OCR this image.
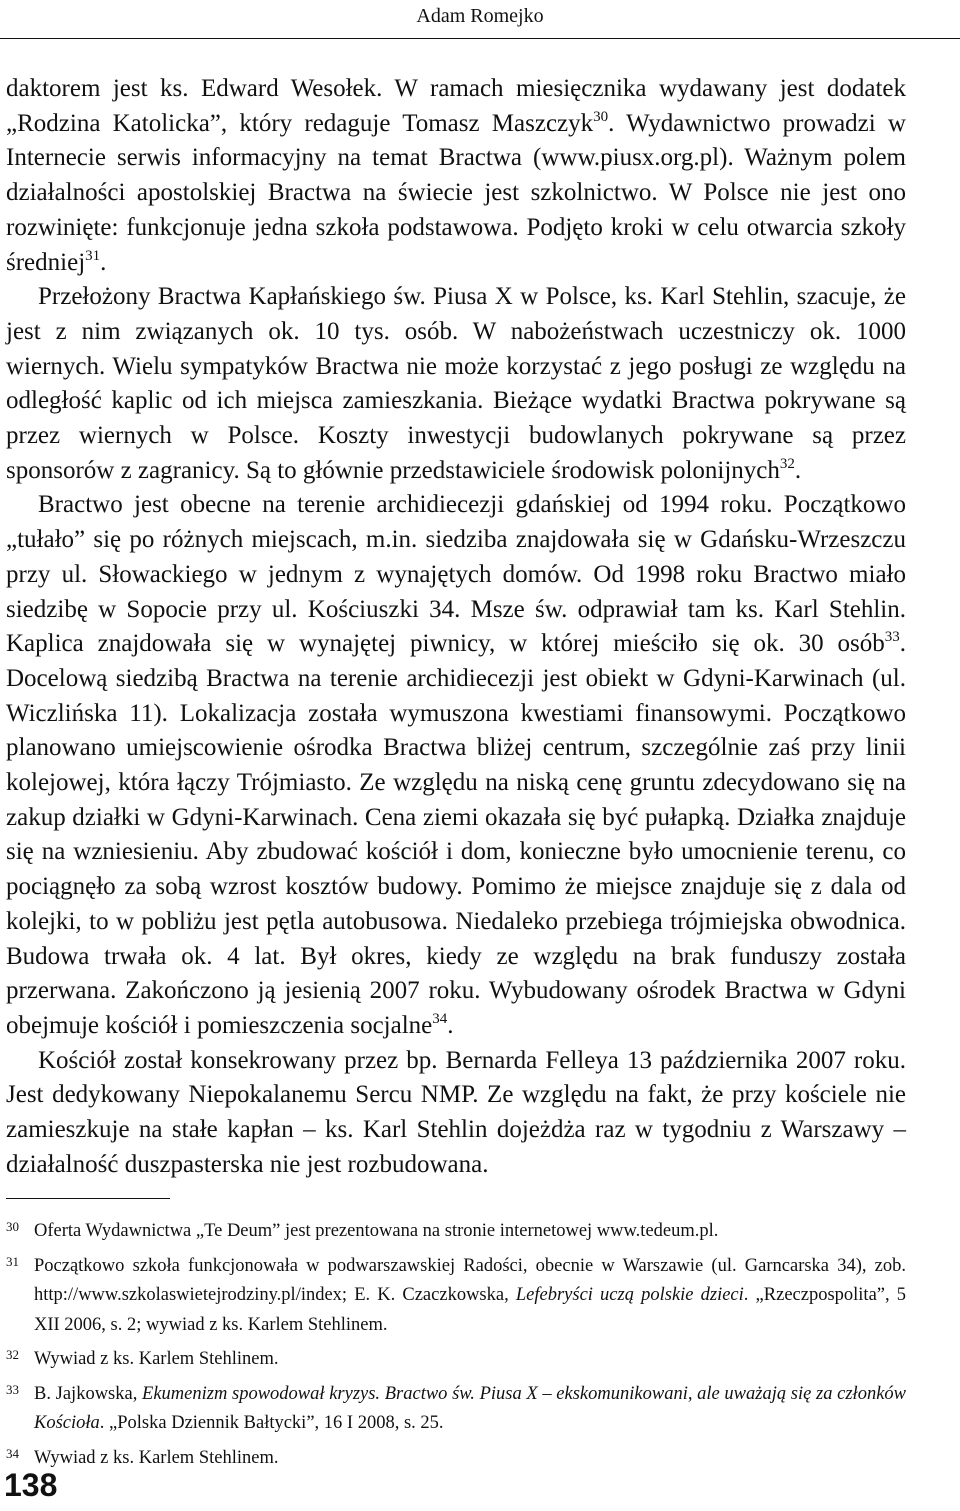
Adam Romejko

daktorem jest ks. Edward Wesołek. W ramach miesięcznika wydawany jest dodatek „Rodzina Katolicka”, który redaguje Tomasz Maszczyk$^{30}$. Wydawnictwo prowadzi w Internecie serwis informacyjny na temat Bractwa (www.piusx.org.pl). Ważnym polem działalności apostolskiej Bractwa na świecie jest szkolnictwo. W Polsce nie jest ono rozwinięte: funkcjonuje jedna szkoła podstawowa. Podjęto kroki w celu otwarcia szkoły średniej$^{31}$.

Przełożony Bractwa Kapłańskiego św. Piusa X w Polsce, ks. Karl Stehlin, szacuje, że jest z nim związanych ok. 10 tys. osób. W nabożeństwach uczestniczy ok. 1000 wiernych. Wielu sympatyków Bractwa nie może korzystać z jego posługi ze względu na odległość kaplic od ich miejsca zamieszkania. Bieżące wydatki Bractwa pokrywane są przez wiernych w Polsce. Koszty inwestycji budowlanych pokrywane są przez sponsorów z zagranicy. Są to głównie przedstawiciele środowisk polonijnych$^{32}$.

Bractwo jest obecne na terenie archidiecezji gdańskiej od 1994 roku. Początkowo „tułało” się po różnych miejscach, m.in. siedziba znajdowała się w Gdańsku-Wrzeszczu przy ul. Słowackiego w jednym z wynajętych domów. Od 1998 roku Bractwo miało siedzibę w Sopocie przy ul. Kościuszki 34. Msze św. odprawiał tam ks. Karl Stehlin. Kaplica znajdowała się w wynajętej piwnicy, w której mieściło się ok. 30 osób$^{33}$. Docelową siedzibą Bractwa na terenie archidiecezji jest obiekt w Gdyni-Karwinach (ul. Wiczlińska 11). Lokalizacja została wymuszona kwestiami finansowymi. Początkowo planowano umiejscowienie ośrodka Bractwa bliżej centrum, szczególnie zaś przy linii kolejowej, która łączy Trójmiasto. Ze względu na niską cenę gruntu zdecydowano się na zakup działki w Gdyni-Karwinach. Cena ziemi okazała się być pułapką. Działka znajduje się na wzniesieniu. Aby zbudować kościół i dom, konieczne było umocnienie terenu, co pociągnęło za sobą wzrost kosztów budowy. Pomimo że miejsce znajduje się z dala od kolejki, to w pobliżu jest pętla autobusowa. Niedaleko przebiega trójmiejska obwodnica. Budowa trwała ok. 4 lat. Był okres, kiedy ze względu na brak funduszy została przerwana. Zakończono ją jesienią 2007 roku. Wybudowany ośrodek Bractwa w Gdyni obejmuje kościół i pomieszczenia socjalne$^{34}$.

Kościół został konsekrowany przez bp. Bernarda Felleya 13 października 2007 roku. Jest dedykowany Niepokalanemu Sercu NMP. Ze względu na fakt, że przy kościele nie zamieszkuje na stałe kapłan – ks. Karl Stehlin dojeżdża raz w tygodniu z Warszawy – działalność duszpasterska nie jest rozbudowana.

30 Oferta Wydawnictwa „Te Deum” jest prezentowana na stronie internetowej www.tedeum.pl.

31 Początkowo szkoła funkcjonowała w podwarszawskiej Radości, obecnie w Warszawie (ul. Garncarska 34), zob. http://www.szkolaswietejrodziny.pl/index; E. K. Czaczkowska, Lefebryści uczą polskie dzieci. „Rzeczpospolita”, 5 XII 2006, s. 2; wywiad z ks. Karlem Stehlinem.

32 Wywiad z ks. Karlem Stehlinem.

33 B. Jajkowska, Ekumenizm spowodował kryzys. Bractwo św. Piusa X – ekskomunikowani, ale uważają się za członków Kościoła. „Polska Dziennik Bałtycki”, 16 I 2008, s. 25.

34 Wywiad z ks. Karlem Stehlinem.

138
